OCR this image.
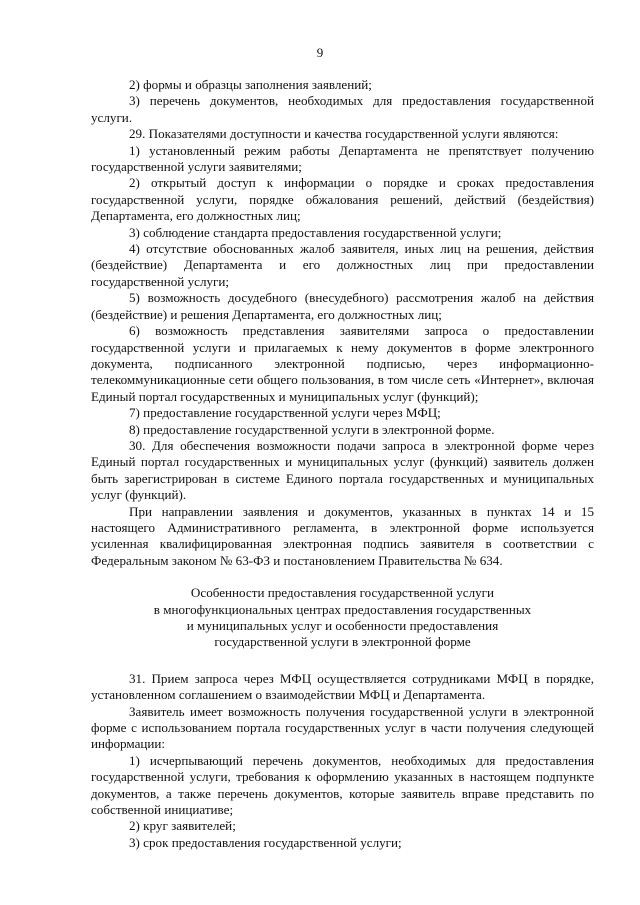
9

2) формы и образцы заполнения заявлений;

3) перечень документов, необходимых для предоставления государственной услуги.

29. Показателями доступности и качества государственной услуги являются:

1) установленный режим работы Департамента не препятствует получению государственной услуги заявителями;

2) открытый доступ к информации о порядке и сроках предоставления государственной услуги, порядке обжалования решений, действий (бездействия) Департамента, его должностных лиц;

3) соблюдение стандарта предоставления государственной услуги;

4) отсутствие обоснованных жалоб заявителя, иных лиц на решения, действия (бездействие) Департамента и его должностных лиц при предоставлении государственной услуги;

5) возможность досудебного (внесудебного) рассмотрения жалоб на действия (бездействие) и решения Департамента, его должностных лиц;

6) возможность представления заявителями запроса о предоставлении государственной услуги и прилагаемых к нему документов в форме электронного документа, подписанного электронной подписью, через информационно-телекоммуникационные сети общего пользования, в том числе сеть «Интернет», включая Единый портал государственных и муниципальных услуг (функций);

7) предоставление государственной услуги через МФЦ;

8) предоставление государственной услуги в электронной форме.

30. Для обеспечения возможности подачи запроса в электронной форме через Единый портал государственных и муниципальных услуг (функций) заявитель должен быть зарегистрирован в системе Единого портала государственных и муниципальных услуг (функций).

При направлении заявления и документов, указанных в пунктах 14 и 15 настоящего Административного регламента, в электронной форме используется усиленная квалифицированная электронная подпись заявителя в соответствии с Федеральным законом № 63-ФЗ и постановлением Правительства № 634.

Особенности предоставления государственной услуги

в многофункциональных центрах предоставления государственных

и муниципальных услуг и особенности предоставления

государственной услуги в электронной форме

31. Прием запроса через МФЦ осуществляется сотрудниками МФЦ в порядке, установленном соглашением о взаимодействии МФЦ и Департамента.

Заявитель имеет возможность получения государственной услуги в электронной форме с использованием портала государственных услуг в части получения следующей информации:

1) исчерпывающий перечень документов, необходимых для предоставления государственной услуги, требования к оформлению указанных в настоящем подпункте документов, а также перечень документов, которые заявитель вправе представить по собственной инициативе;

2) круг заявителей;

3) срок предоставления государственной услуги;
